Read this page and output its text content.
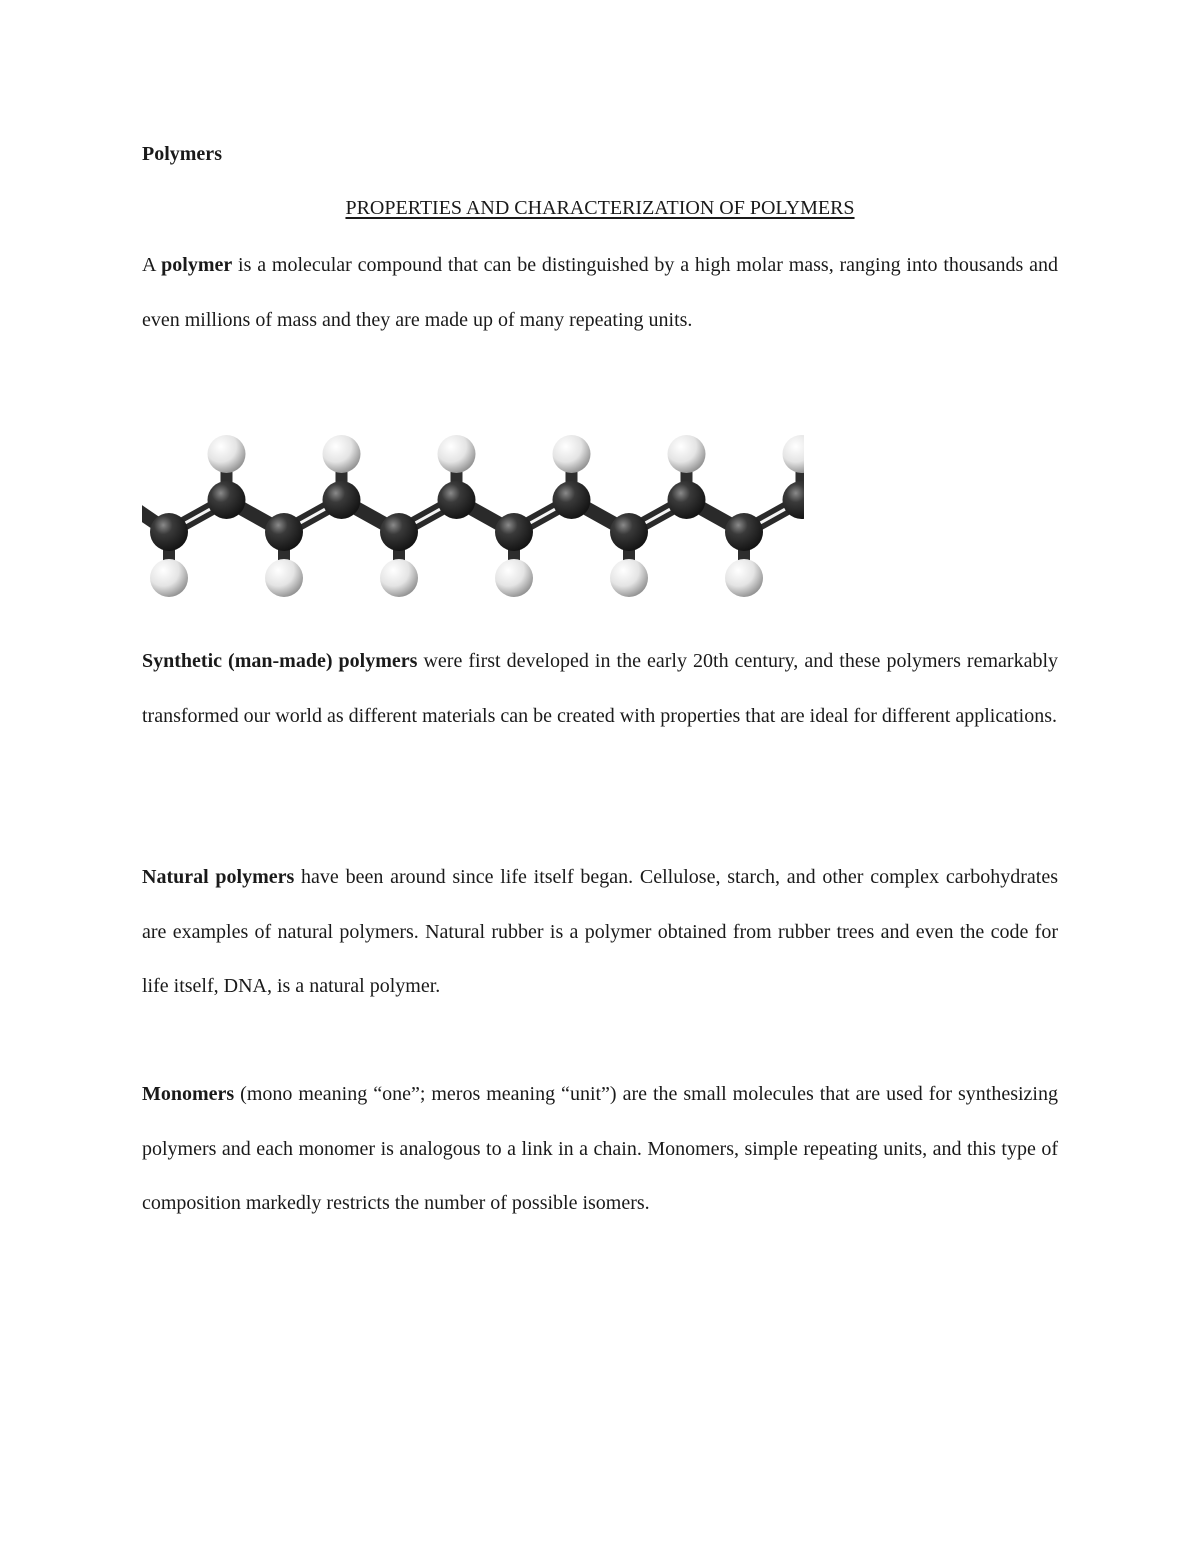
Polymers

PROPERTIES AND CHARACTERIZATION OF POLYMERS

A polymer is a molecular compound that can be distinguished by a high molar mass, ranging into thousands and even millions of mass and they are made up of many repeating units.

Synthetic (man-made) polymers were first developed in the early 20th century, and these polymers remarkably transformed our world as different materials can be created with properties that are ideal for different applications.

Natural polymers have been around since life itself began. Cellulose, starch, and other complex carbohydrates are examples of natural polymers. Natural rubber is a polymer obtained from rubber trees and even the code for life itself, DNA, is a natural polymer.

Monomers (mono meaning “one”; meros meaning “unit”) are the small molecules that are used for synthesizing polymers and each monomer is analogous to a link in a chain. Monomers, simple repeating units, and this type of composition markedly restricts the number of possible isomers.
